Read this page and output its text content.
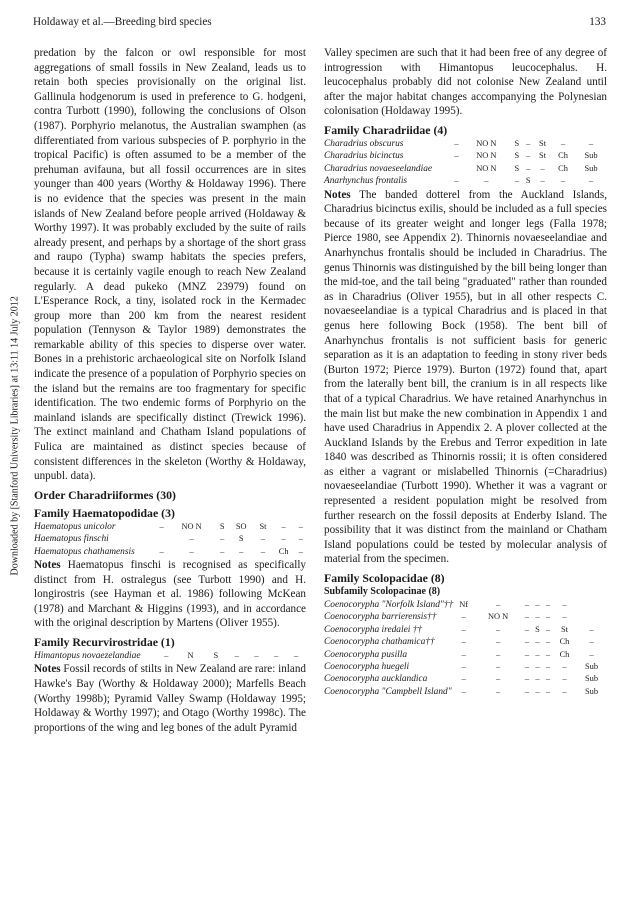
Holdaway et al.—Breeding bird species	133
Downloaded by [Stanford University Libraries] at 13:11 14 July 2012

predation by the falcon or owl responsible for most aggregations of small fossils in New Zealand, leads us to retain both species provisionally on the original list. Gallinula hodgenorum is used in preference to G. hodgeni, contra Turbott (1990), following the conclusions of Olson (1987). Porphyrio melanotus, the Australian swamphen (as differentiated from various subspecies of P. porphyrio in the tropical Pacific) is often assumed to be a member of the prehuman avifauna, but all fossil occurrences are in sites younger than 400 years (Worthy & Holdaway 1996). There is no evidence that the species was present in the main islands of New Zealand before people arrived (Holdaway & Worthy 1997). It was probably excluded by the suite of rails already present, and perhaps by a shortage of the short grass and raupo (Typha) swamp habitats the species prefers, because it is certainly vagile enough to reach New Zealand regularly. A dead pukeko (MNZ 23979) found on L'Esperance Rock, a tiny, isolated rock in the Kermadec group more than 200 km from the nearest resident population (Tennyson & Taylor 1989) demonstrates the remarkable ability of this species to disperse over water. Bones in a prehistoric archaeological site on Norfolk Island indicate the presence of a population of Porphyrio species on the island but the remains are too fragmentary for specific identification. The two endemic forms of Porphyrio on the mainland islands are specifically distinct (Trewick 1996). The extinct mainland and Chatham Island populations of Fulica are maintained as distinct species because of consistent differences in the skeleton (Worthy & Holdaway, unpubl. data).

Order Charadriiformes (30)
Family Haematopodidae (3)
Haematopus unicolor	–	NO N	S	SO	St	–	–
Haematopus finschi		–	–	S	–	–	–
Haematopus chathamensis	–	–	–	–	–	Ch	–

Notes Haematopus finschi is recognised as specifically distinct from H. ostralegus (see Turbott 1990) and H. longirostris (see Hayman et al. 1986) following McKean (1978) and Marchant & Higgins (1993), and in accordance with the original description by Martens (Oliver 1955).

Family Recurvirostridae (1)
Himantopus novaezelandiae	–	N	S	–	–	–	–

Notes Fossil records of stilts in New Zealand are rare: inland Hawke's Bay (Worthy & Holdaway 2000); Marfells Beach (Worthy 1998b); Pyramid Valley Swamp (Holdaway 1995; Holdaway & Worthy 1997); and Otago (Worthy 1998c). The proportions of the wing and leg bones of the adult Pyramid

Valley specimen are such that it had been free of any degree of introgression with Himantopus leucocephalus. H. leucocephalus probably did not colonise New Zealand until after the major habitat changes accompanying the Polynesian colonisation (Holdaway 1995).

Family Charadriidae (4)
Charadrius obscurus	–	NO N	S	–	St	–	–
Charadrius bicinctus	–	NO N	S	–	St	Ch	Sub
Charadrius novaeseelandiae		NO N	S	–	–	Ch	Sub
Anarhynchus frontalis	–	–	–	S	–	–	–

Notes The banded dotterel from the Auckland Islands, Charadrius bicinctus exilis, should be included as a full species because of its greater weight and longer legs (Falla 1978; Pierce 1980, see Appendix 2). Thinornis novaeseelandiae and Anarhynchus frontalis should be included in Charadrius. The genus Thinornis was distinguished by the bill being longer than the mid-toe, and the tail being "graduated" rather than rounded as in Charadrius (Oliver 1955), but in all other respects C. novaeseelandiae is a typical Charadrius and is placed in that genus here following Bock (1958). The bent bill of Anarhynchus frontalis is not sufficient basis for generic separation as it is an adaptation to feeding in stony river beds (Burton 1972; Pierce 1979). Burton (1972) found that, apart from the laterally bent bill, the cranium is in all respects like that of a typical Charadrius. We have retained Anarhynchus in the main list but make the new combination in Appendix 1 and have used Charadrius in Appendix 2. A plover collected at the Auckland Islands by the Erebus and Terror expedition in late 1840 was described as Thinornis rossii; it is often considered as either a vagrant or mislabelled Thinornis (=Charadrius) novaeseelandiae (Turbott 1990). Whether it was a vagrant or represented a resident population might be resolved from further research on the fossil deposits at Enderby Island. The possibility that it was distinct from the mainland or Chatham Island populations could be tested by molecular analysis of material from the specimen.

Family Scolopacidae (8)
Subfamily Scolopacinae (8)
Coenocorypha "Norfolk Island"††	Nf	–	–	–	–	–	
Coenocorypha barrierensis††	–	NO N	–	–	–	–	
Coenocorypha iredalei ††	–	–	–	S	–	St	–
Coenocorypha chathamica††	–	–	–	–	–	Ch	–
Coenocorypha pusilla	–	–	–	–	–	Ch	–
Coenocorypha huegeli	–	–	–	–	–	–	Sub
Coenocorypha aucklandica	–	–	–	–	–	–	Sub
Coenocorypha "Campbell Island"	–	–	–	–	–	–	Sub
